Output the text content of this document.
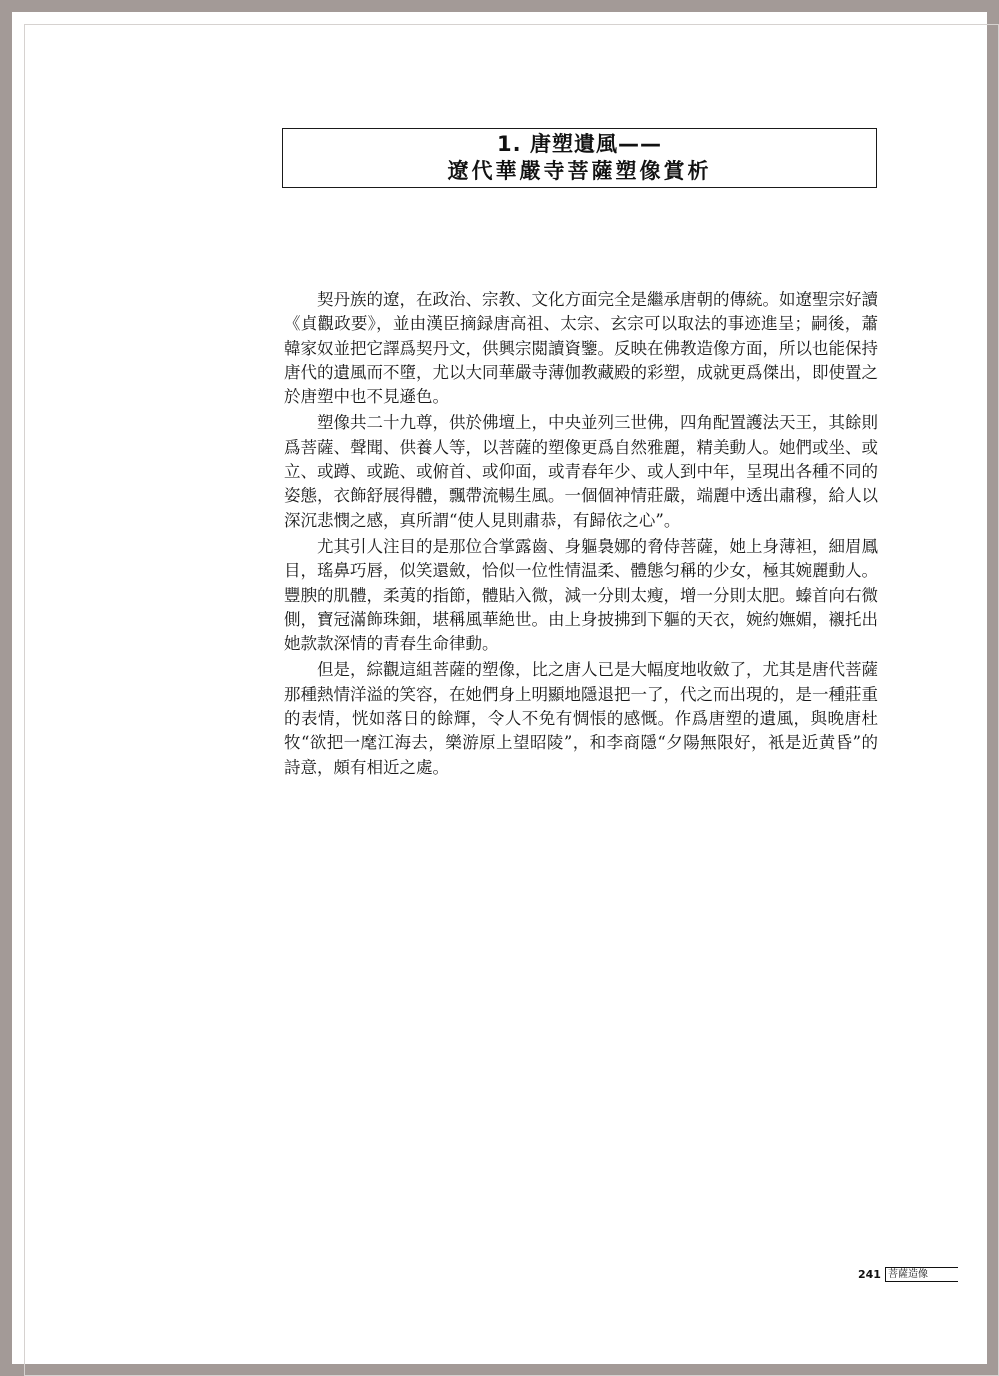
1. 唐塑遺風——
遼代華嚴寺菩薩塑像賞析

契丹族的遼，在政治、宗教、文化方面完全是繼承唐朝的傳統。如遼聖宗好讀《貞觀政要》，並由漢臣摘録唐高祖、太宗、玄宗可以取法的事迹進呈；嗣後，蕭韓家奴並把它譯爲契丹文，供興宗閲讀資鑒。反映在佛教造像方面，所以也能保持唐代的遺風而不墮，尤以大同華嚴寺薄伽教藏殿的彩塑，成就更爲傑出，即使置之於唐塑中也不見遜色。

塑像共二十九尊，供於佛壇上，中央並列三世佛，四角配置護法天王，其餘則爲菩薩、聲聞、供養人等，以菩薩的塑像更爲自然雅麗，精美動人。她們或坐、或立、或蹲、或跪、或俯首、或仰面，或青春年少、或人到中年，呈現出各種不同的姿態，衣飾舒展得體，飄帶流暢生風。一個個神情莊嚴，端麗中透出肅穆，給人以深沉悲憫之感，真所謂“使人見則肅恭，有歸依之心”。

尤其引人注目的是那位合掌露齒、身軀裊娜的脅侍菩薩，她上身薄袒，細眉鳳目，瑤鼻巧唇，似笑還斂，恰似一位性情温柔、體態匀稱的少女，極其婉麗動人。豐腴的肌體，柔荑的指節，體貼入微，減一分則太瘦，增一分則太肥。螓首向右微側，寶冠滿飾珠鈿，堪稱風華絶世。由上身披拂到下軀的天衣，婉約嫵媚，襯托出她款款深情的青春生命律動。

但是，綜觀這組菩薩的塑像，比之唐人已是大幅度地收斂了，尤其是唐代菩薩那種熱情洋溢的笑容，在她們身上明顯地隱退把一了，代之而出現的，是一種莊重的表情，恍如落日的餘輝，令人不免有惆悵的感慨。作爲唐塑的遺風，與晚唐杜牧“欲把一麾江海去，樂游原上望昭陵”，和李商隱“夕陽無限好，衹是近黄昏”的詩意，頗有相近之處。

241 菩薩造像
